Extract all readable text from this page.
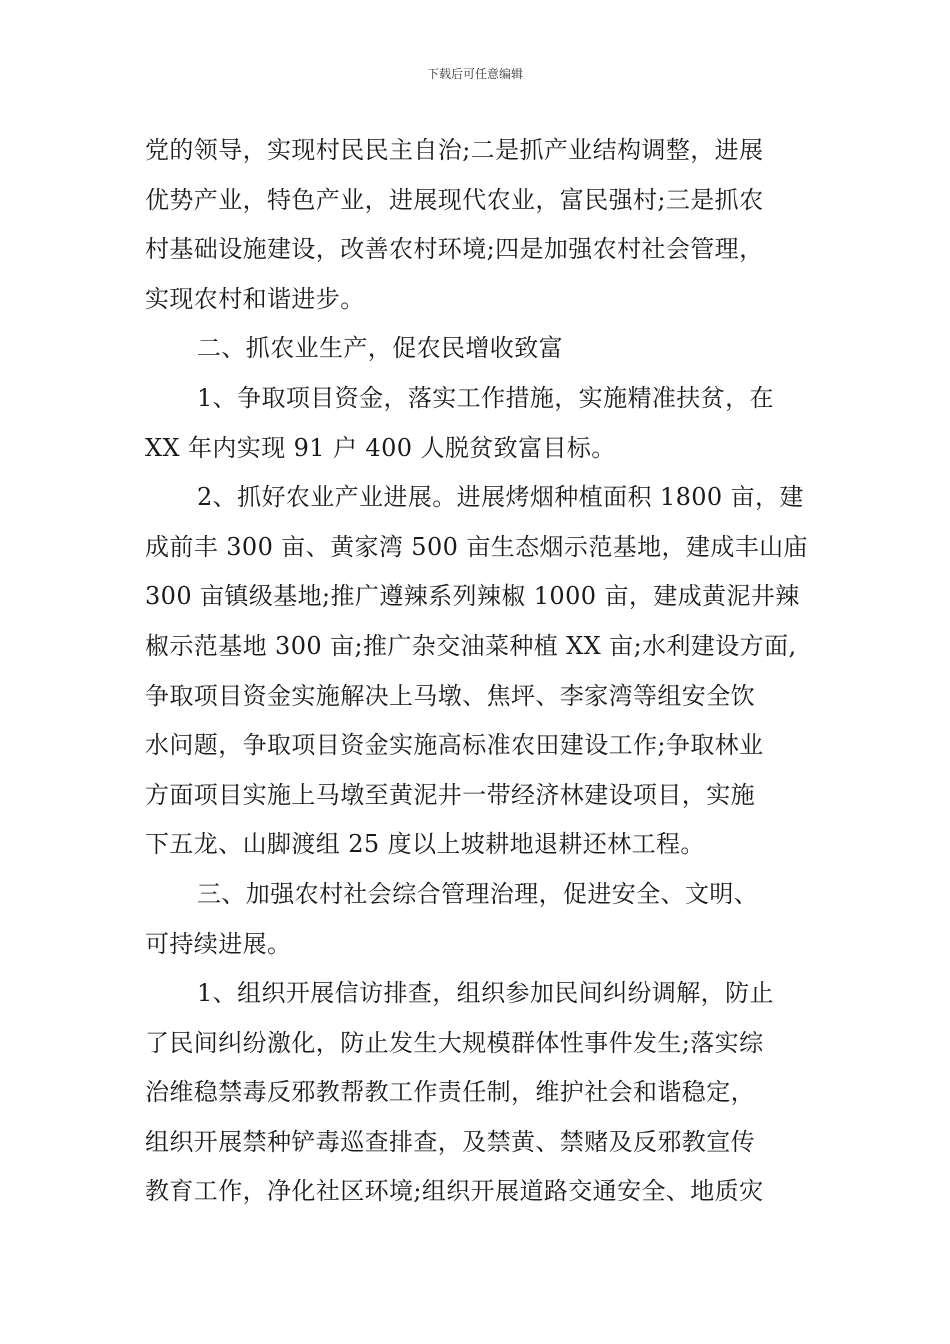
下载后可任意编辑

党的领导，实现村民民主自治;二是抓产业结构调整，进展
优势产业，特色产业，进展现代农业，富民强村;三是抓农
村基础设施建设，改善农村环境;四是加强农村社会管理，
实现农村和谐进步。

二、抓农业生产，促农民增收致富

1、争取项目资金，落实工作措施，实施精准扶贫，在
XX 年内实现 91 户 400 人脱贫致富目标。

2、抓好农业产业进展。进展烤烟种植面积 1800 亩，建
成前丰 300 亩、黄家湾 500 亩生态烟示范基地，建成丰山庙
300 亩镇级基地;推广遵辣系列辣椒 1000 亩，建成黄泥井辣
椒示范基地 300 亩;推广杂交油菜种植 XX 亩;水利建设方面,
争取项目资金实施解决上马墩、焦坪、李家湾等组安全饮
水问题，争取项目资金实施高标准农田建设工作;争取林业
方面项目实施上马墩至黄泥井一带经济林建设项目，实施
下五龙、山脚渡组 25 度以上坡耕地退耕还林工程。

三、加强农村社会综合管理治理，促进安全、文明、
可持续进展。

1、组织开展信访排查，组织参加民间纠纷调解，防止
了民间纠纷激化，防止发生大规模群体性事件发生;落实综
治维稳禁毒反邪教帮教工作责任制，维护社会和谐稳定，
组织开展禁种铲毒巡查排查，及禁黄、禁赌及反邪教宣传
教育工作，净化社区环境;组织开展道路交通安全、地质灾
